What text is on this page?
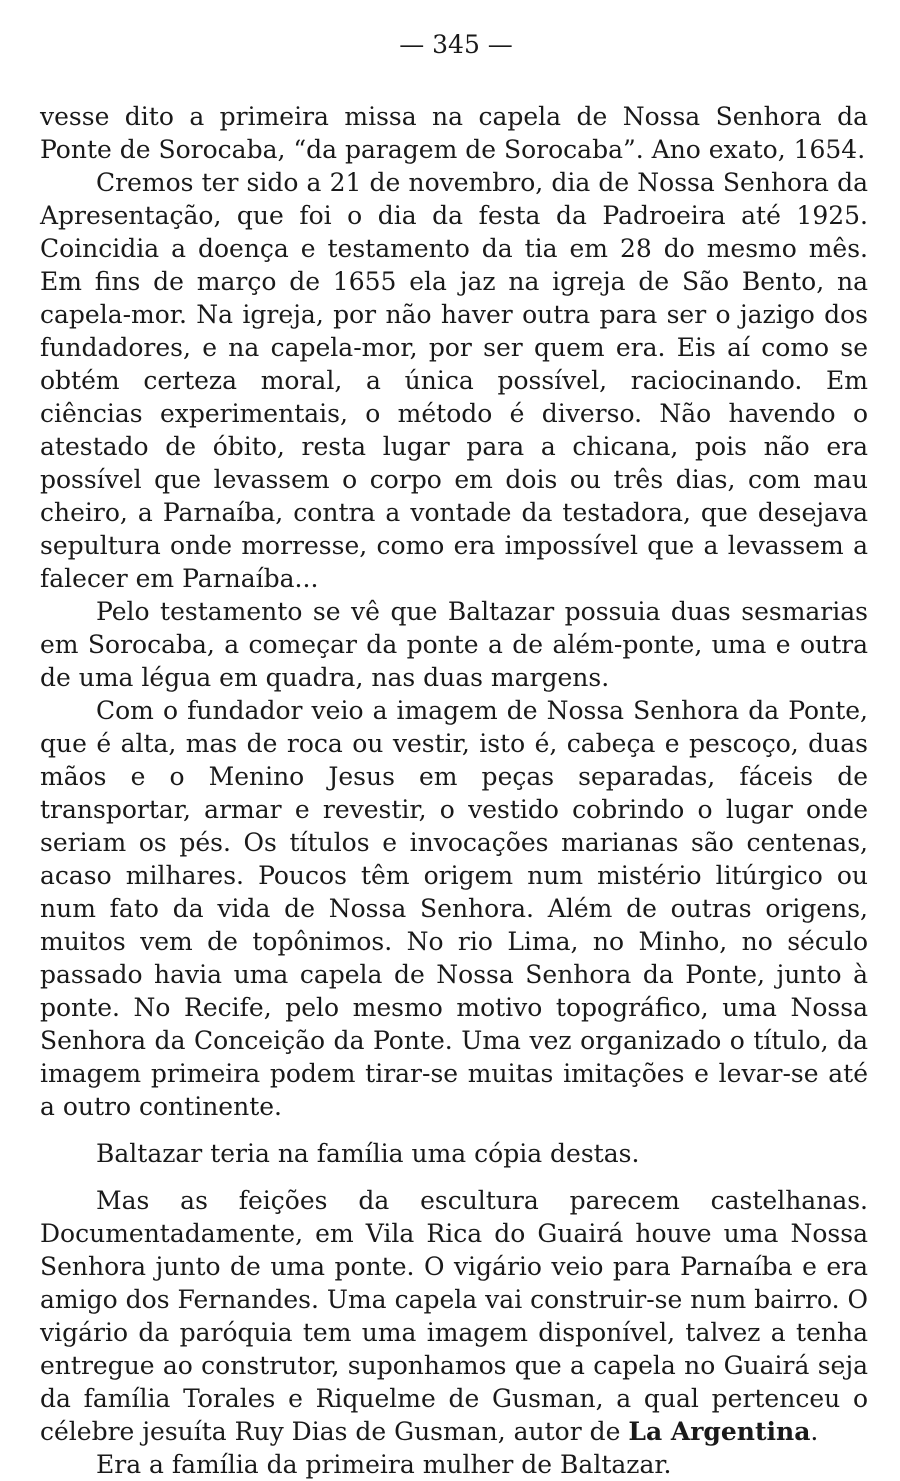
— 345 —

vesse dito a primeira missa na capela de Nossa Senhora da Ponte de Sorocaba, “da paragem de Sorocaba”. Ano exato, 1654.

Cremos ter sido a 21 de novembro, dia de Nossa Senhora da Apresentação, que foi o dia da festa da Padroeira até 1925. Coincidia a doença e testamento da tia em 28 do mesmo mês. Em fins de março de 1655 ela jaz na igreja de São Bento, na capela-mor. Na igreja, por não haver outra para ser o jazigo dos fundadores, e na capela-mor, por ser quem era. Eis aí como se obtém certeza moral, a única possível, raciocinando. Em ciências experimentais, o método é diverso. Não havendo o atestado de óbito, resta lugar para a chicana, pois não era possível que levassem o corpo em dois ou três dias, com mau cheiro, a Parnaíba, contra a vontade da testadora, que desejava sepultura onde morresse, como era impossível que a levassem a falecer em Parnaíba...

Pelo testamento se vê que Baltazar possuia duas sesmarias em Sorocaba, a começar da ponte a de além-ponte, uma e outra de uma légua em quadra, nas duas margens.

Com o fundador veio a imagem de Nossa Senhora da Ponte, que é alta, mas de roca ou vestir, isto é, cabeça e pescoço, duas mãos e o Menino Jesus em peças separadas, fáceis de transportar, armar e revestir, o vestido cobrindo o lugar onde seriam os pés. Os títulos e invocações marianas são centenas, acaso milhares. Poucos têm origem num mistério litúrgico ou num fato da vida de Nossa Senhora. Além de outras origens, muitos vem de topônimos. No rio Lima, no Minho, no século passado havia uma capela de Nossa Senhora da Ponte, junto à ponte. No Recife, pelo mesmo motivo topográfico, uma Nossa Senhora da Conceição da Ponte. Uma vez organizado o título, da imagem primeira podem tirar-se muitas imitações e levar-se até a outro continente.

Baltazar teria na família uma cópia destas.

Mas as feições da escultura parecem castelhanas. Documentadamente, em Vila Rica do Guairá houve uma Nossa Senhora junto de uma ponte. O vigário veio para Parnaíba e era amigo dos Fernandes. Uma capela vai construir-se num bairro. O vigário da paróquia tem uma imagem disponível, talvez a tenha entregue ao construtor, suponhamos que a capela no Guairá seja da família Torales e Riquelme de Gusman, a qual pertenceu o célebre jesuíta Ruy Dias de Gusman, autor de La Argentina.

Era a família da primeira mulher de Baltazar.
